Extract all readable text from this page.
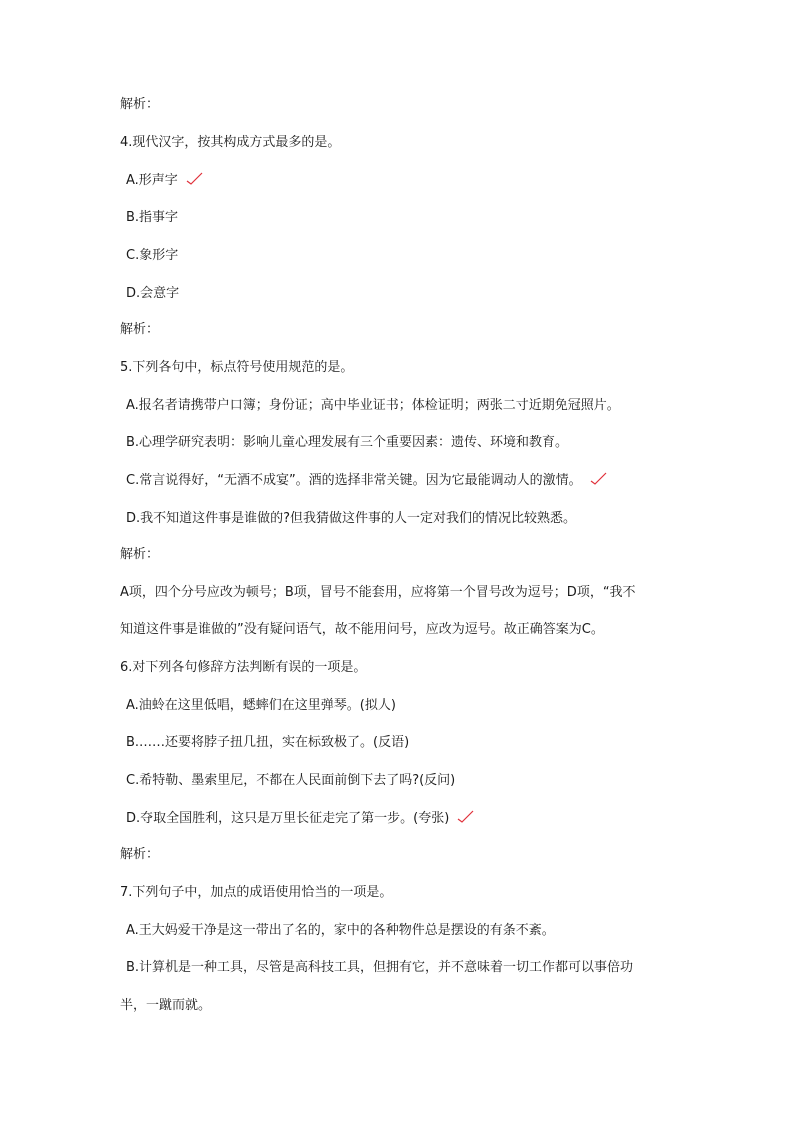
解析：
4.现代汉字，按其构成方式最多的是。
A.形声字
B.指事字
C.象形字
D.会意字
解析：
5.下列各句中，标点符号使用规范的是。
A.报名者请携带户口簿；身份证；高中毕业证书；体检证明；两张二寸近期免冠照片。
B.心理学研究表明：影响儿童心理发展有三个重要因素：遗传、环境和教育。
C.常言说得好，“无酒不成宴”。酒的选择非常关键。因为它最能调动人的激情。
D.我不知道这件事是谁做的?但我猜做这件事的人一定对我们的情况比较熟悉。
解析：
A项，四个分号应改为顿号；B项，冒号不能套用，应将第一个冒号改为逗号；D项，“我不
知道这件事是谁做的”没有疑问语气，故不能用问号，应改为逗号。故正确答案为C。
6.对下列各句修辞方法判断有误的一项是。
A.油蛉在这里低唱，蟋蟀们在这里弹琴。(拟人)
B.……还要将脖子扭几扭，实在标致极了。(反语)
C.希特勒、墨索里尼，不都在人民面前倒下去了吗?(反问)
D.夺取全国胜利，这只是万里长征走完了第一步。(夸张)
解析：
7.下列句子中，加点的成语使用恰当的一项是。
A.王大妈爱干净是这一带出了名的，家中的各种物件总是摆设的有条不紊。
B.计算机是一种工具，尽管是高科技工具，但拥有它，并不意味着一切工作都可以事倍功
半，一蹴而就。
